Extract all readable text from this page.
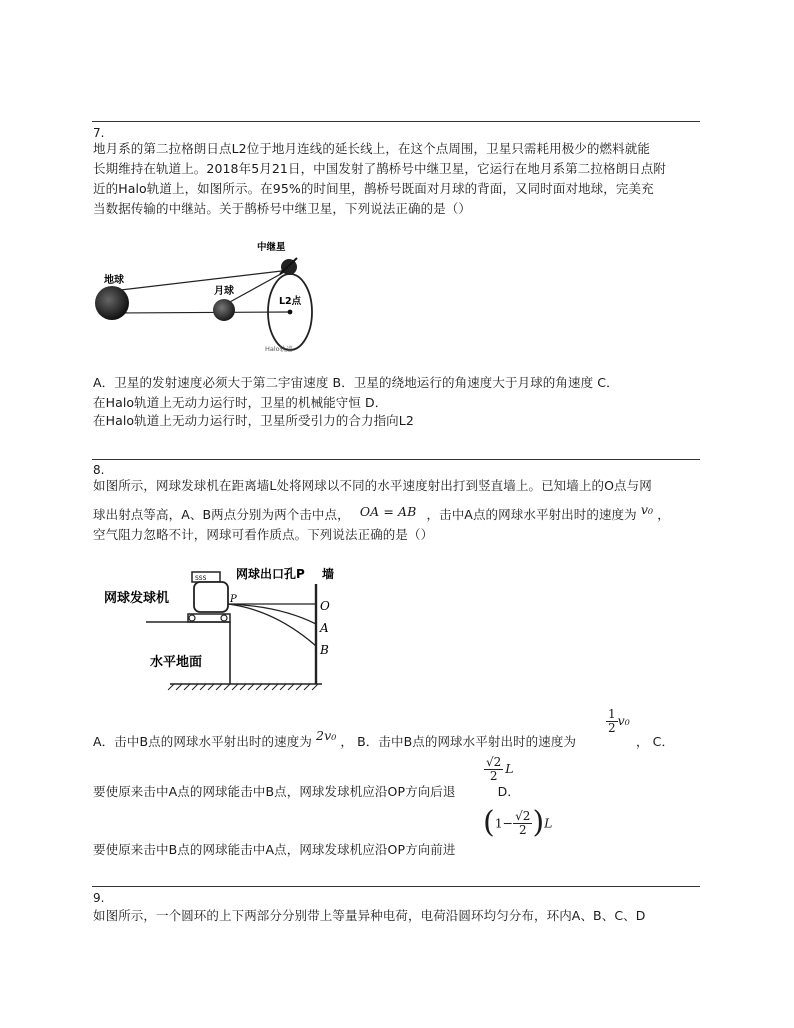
7.
地月系的第二拉格朗日点L2位于地月连线的延长线上，在这个点周围，卫星只需耗用极少的燃料就能
长期维持在轨道上。2018年5月21日，中国发射了鹊桥号中继卫星，它运行在地月系第二拉格朗日点附
近的Halo轨道上，如图所示。在95%的时间里，鹊桥号既面对月球的背面，又同时面对地球，完美充
当数据传输的中继站。关于鹊桥号中继卫星，下列说法正确的是（）
地球
月球
中继星
L2点
Halo轨道
A．卫星的发射速度必须大于第二宇宙速度 B．卫星的绕地运行的角速度大于月球的角速度 C．
在Halo轨道上无动力运行时，卫星的机械能守恒 D．
在Halo轨道上无动力运行时，卫星所受引力的合力指向L2
8.
如图所示，网球发球机在距离墙L处将网球以不同的水平速度射出打到竖直墙上。已知墙上的O点与网
球出射点等高，A、B两点分别为两个击中点， OA = AB ，击中A点的网球水平射出时的速度为 v₀ ，
空气阻力忽略不计，网球可看作质点。下列说法正确的是（）
SSS
网球发球机
网球出口孔P 墙
P	O
A
B
水平地面
A．击中B点的网球水平射出时的速度为 2v₀ ， B．击中B点的网球水平射出时的速度为
$\frac{1}{2} v_0$
， C．
$\frac{√2}{2}$ L
要使原来击中A点的网球能击中B点，网球发球机应沿OP方向后退	D．
$(1- \frac{√2}{2} )L$
要使原来击中B点的网球能击中A点，网球发球机应沿OP方向前进
9.
如图所示，一个圆环的上下两部分分别带上等量异种电荷，电荷沿圆环均匀分布，环内A、B、C、D
